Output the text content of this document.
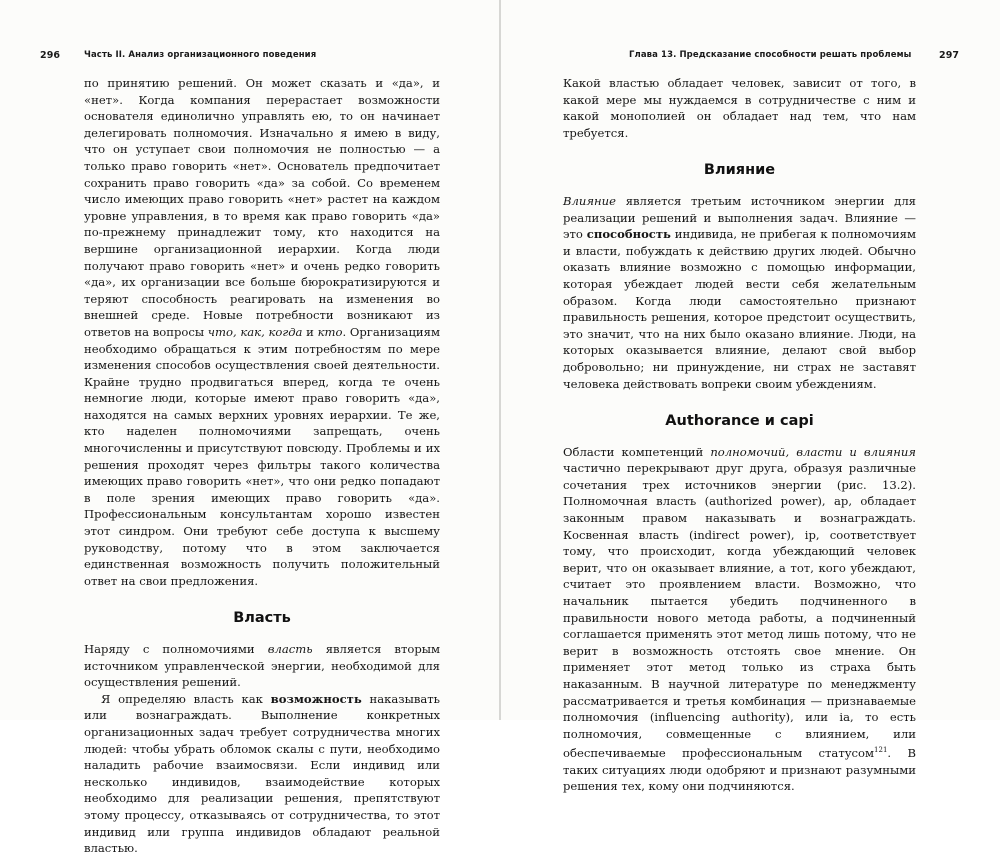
296	Часть II. Анализ организационного поведения

по принятию решений. Он может сказать и «да», и «нет». Когда компания перерастает возможности основателя единолично управлять ею, то он начинает делегировать полномочия. Изначально я имею в виду, что он уступает свои полномочия не полностью — а только право говорить «нет». Основатель предпочитает сохранить право говорить «да» за собой. Со временем число имеющих право говорить «нет» растет на каждом уровне управления, в то время как право говорить «да» по-прежнему принадлежит тому, кто находится на вершине организационной иерархии. Когда люди получают право говорить «нет» и очень редко говорить «да», их организации все больше бюрократизируются и теряют способность реагировать на изменения во внешней среде. Новые потребности возникают из ответов на вопросы что, как, когда и кто. Организациям необходимо обращаться к этим потребностям по мере изменения способов осуществления своей деятельности. Крайне трудно продвигаться вперед, когда те очень немногие люди, которые имеют право говорить «да», находятся на самых верхних уровнях иерархии. Те же, кто наделен полномочиями запрещать, очень многочисленны и присутствуют повсюду. Проблемы и их решения проходят через фильтры такого количества имеющих право говорить «нет», что они редко попадают в поле зрения имеющих право говорить «да». Профессиональным консультантам хорошо известен этот синдром. Они требуют себе доступа к высшему руководству, потому что в этом заключается единственная возможность получить положительный ответ на свои предложения.

Власть

Наряду с полномочиями власть является вторым источником управленческой энергии, необходимой для осуществления решений.

Я определяю власть как возможность наказывать или вознаграждать. Выполнение конкретных организационных задач требует сотрудничества многих людей: чтобы убрать обломок скалы с пути, необходимо наладить рабочие взаимосвязи. Если индивид или несколько индивидов, взаимодействие которых необходимо для реализации решения, препятствуют этому процессу, отказываясь от сотрудничества, то этот индивид или группа индивидов обладают реальной властью.

Глава 13. Предсказание способности решать проблемы	297

Какой властью обладает человек, зависит от того, в какой мере мы нуждаемся в сотрудничестве с ним и какой монополией он обладает над тем, что нам требуется.

Влияние

Влияние является третьим источником энергии для реализации решений и выполнения задач. Влияние — это способность индивида, не прибегая к полномочиям и власти, побуждать к действию других людей. Обычно оказать влияние возможно с помощью информации, которая убеждает людей вести себя желательным образом. Когда люди самостоятельно признают правильность решения, которое предстоит осуществить, это значит, что на них было оказано влияние. Люди, на которых оказывается влияние, делают свой выбор добровольно; ни принуждение, ни страх не заставят человека действовать вопреки своим убеждениям.

Authorance и capi

Области компетенций полномочий, власти и влияния частично перекрывают друг друга, образуя различные сочетания трех источников энергии (рис. 13.2). Полномочная власть (authorized power), ap, обладает законным правом наказывать и вознаграждать. Косвенная власть (indirect power), ip, соответствует тому, что происходит, когда убеждающий человек верит, что он оказывает влияние, а тот, кого убеждают, считает это проявлением власти. Возможно, что начальник пытается убедить подчиненного в правильности нового метода работы, а подчиненный соглашается применять этот метод лишь потому, что не верит в возможность отстоять свое мнение. Он применяет этот метод только из страха быть наказанным. В научной литературе по менеджменту рассматривается и третья комбинация — признаваемые полномочия (influencing authority), или ia, то есть полномочия, совмещенные с влиянием, или обеспечиваемые профессиональным статусом$^{121}$. В таких ситуациях люди одобряют и признают разумными решения тех, кому они подчиняются.
